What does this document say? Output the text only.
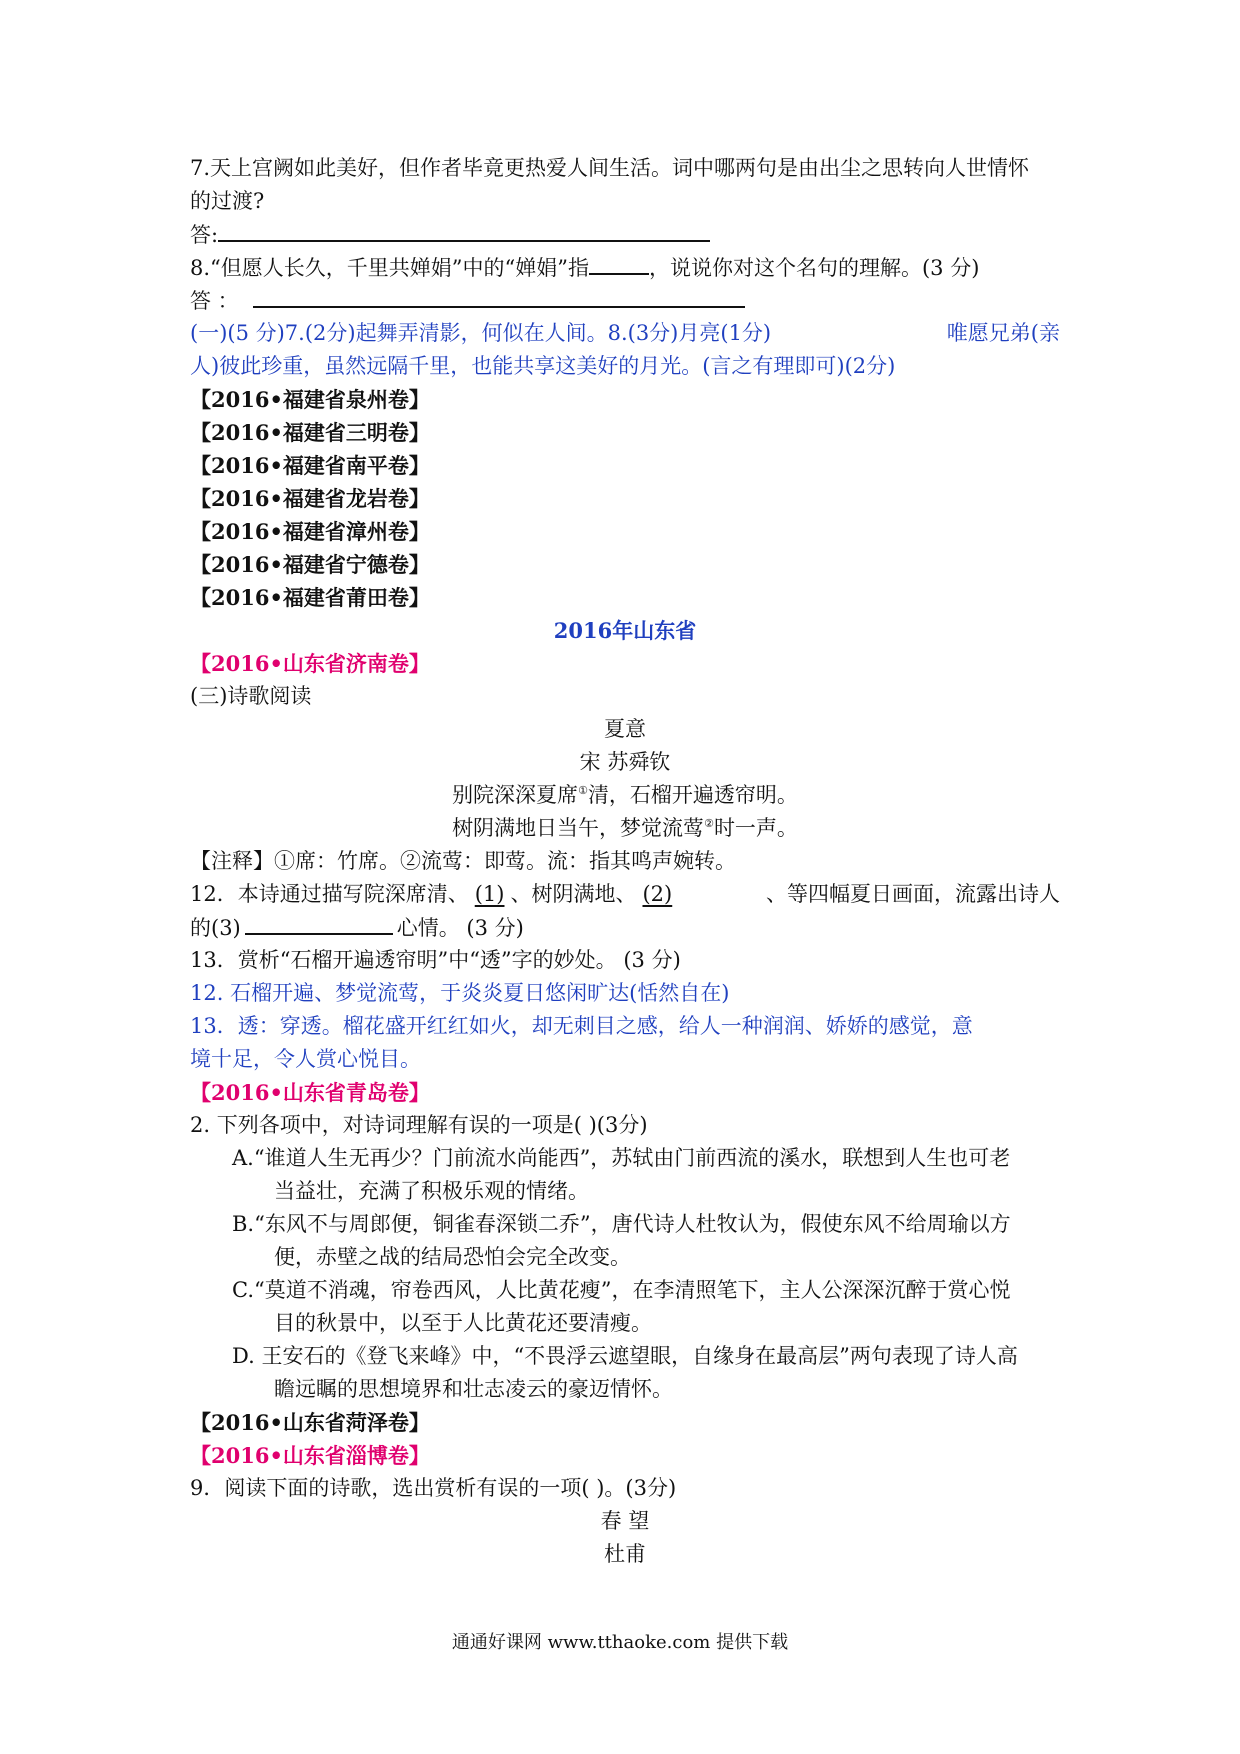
7.天上宫阙如此美好，但作者毕竟更热爱人间生活。词中哪两句是由出尘之思转向人世情怀
的过渡?
答:
8.“但愿人长久，千里共婵娟”中的“婵娟”指	，说说你对这个名句的理解。(3 分)
答 ：
(一)(5 分)7.(2分)起舞弄清影，何似在人间。8.(3分)月亮(1分)	唯愿兄弟(亲
人)彼此珍重，虽然远隔千里，也能共享这美好的月光。(言之有理即可)(2分)
【2016•福建省泉州卷】
【2016•福建省三明卷】
【2016•福建省南平卷】
【2016•福建省龙岩卷】
【2016•福建省漳州卷】
【2016•福建省宁德卷】
【2016•福建省莆田卷】
2016年山东省
【2016•山东省济南卷】
(三)诗歌阅读
夏意
宋 苏舜钦
别院深深夏席①清，石榴开遍透帘明。
树阴满地日当午，梦觉流莺②时一声。
【注释】①席：竹席。②流莺：即莺。流：指其鸣声婉转。
12．本诗通过描写院深席清、 (1) 、树阴满地、 (2)	、等四幅夏日画面，流露出诗人
的(3)	心情。 (3 分)
13．赏析“石榴开遍透帘明”中“透”字的妙处。 (3 分)
12. 石榴开遍、梦觉流莺，于炎炎夏日悠闲旷达(恬然自在)
13．透：穿透。榴花盛开红红如火，却无刺目之感，给人一种润润、娇娇的感觉，意
境十足，令人赏心悦目。
【2016•山东省青岛卷】
2. 下列各项中，对诗词理解有误的一项是( )(3分)
A.“谁道人生无再少？门前流水尚能西”，苏轼由门前西流的溪水，联想到人生也可老
当益壮，充满了积极乐观的情绪。
B.“东风不与周郎便，铜雀春深锁二乔”，唐代诗人杜牧认为，假使东风不给周瑜以方
便，赤壁之战的结局恐怕会完全改变。
C.“莫道不消魂，帘卷西风，人比黄花瘦”，在李清照笔下，主人公深深沉醉于赏心悦
目的秋景中，以至于人比黄花还要清瘦。
D. 王安石的《登飞来峰》中，“不畏浮云遮望眼，自缘身在最高层”两句表现了诗人高
瞻远瞩的思想境界和壮志凌云的豪迈情怀。
【2016•山东省菏泽卷】
【2016•山东省淄博卷】
9．阅读下面的诗歌，选出赏析有误的一项( )。(3分)
春 望
杜甫
通通好课网 www.tthaoke.com 提供下载
